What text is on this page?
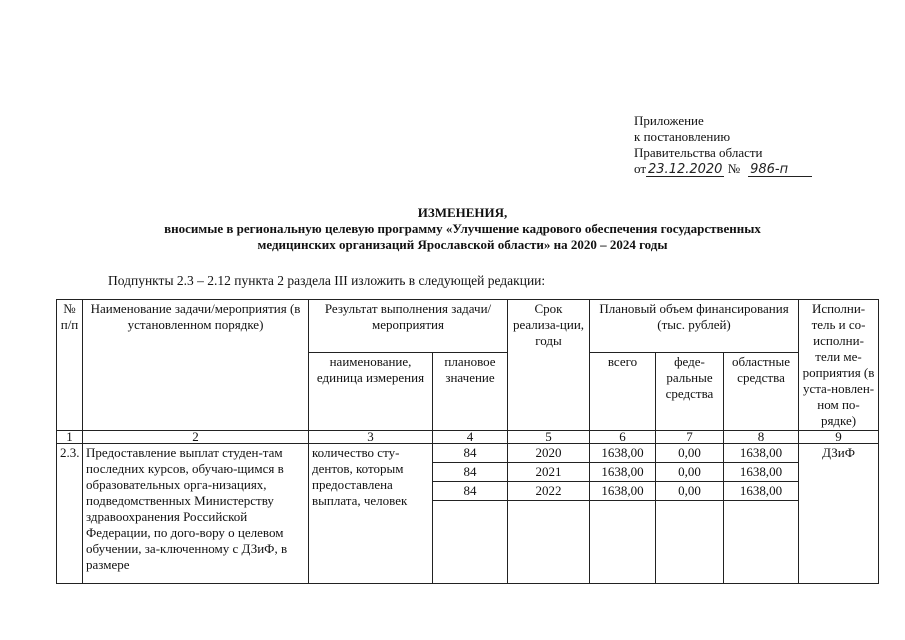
Приложение
к постановлению
Правительства области
от 23.12.2020 № 986-п
ИЗМЕНЕНИЯ,
вносимые в региональную целевую программу «Улучшение кадрового обеспечения государственных
медицинских организаций Ярославской области» на 2020 – 2024 годы
Подпункты 2.3 – 2.12 пункта 2 раздела III изложить в следующей редакции:
№ п/п	Наименование задачи/мероприятия (в установленном порядке)	Результат выполнения задачи/ мероприятия		Срок реализа-ции, годы	Плановый объем финансирования (тыс. рублей)			Исполни-тель и со-исполни-тели ме-роприятия (в уста-новлен-ном по-рядке)
		наименование, единица измерения	плановое значение		всего	феде-ральные средства	областные средства	
1	2	3	4	5	6	7	8	9
2.3.	Предоставление выплат студен-там последних курсов, обучаю-щимся в образовательных орга-низациях, подведомственных Министерству здравоохранения Российской Федерации, по дого-вору о целевом обучении, за-ключенному с ДЗиФ, в размере	количество сту-дентов, которым предоставлена выплата, человек	84	2020	1638,00	0,00	1638,00	ДЗиФ
			84	2021	1638,00	0,00	1638,00	
			84	2022	1638,00	0,00	1638,00	
